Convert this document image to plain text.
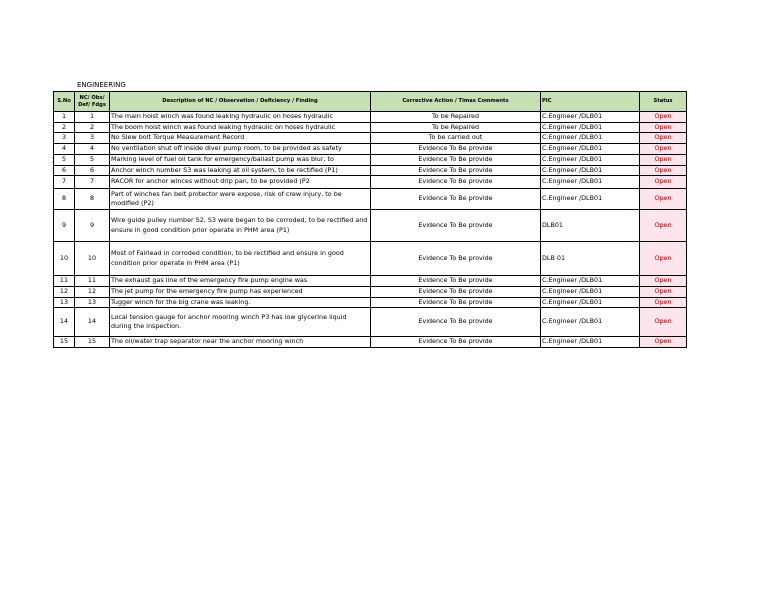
ENGINEERING
S.No	NC/ Obs/ Def/ Fdgs	Description of NC / Observation / Deficiency / Finding	Corrective Action / Timas Comments	PIC	Status
1	1	The main hoist winch was found leaking hydraulic on hoses hydraulic	To be Repaired	C.Engineer /DLB01	Open
2	2	The boom hoist winch was found leaking hydraulic on hoses hydraulic	To be Repaired	C.Engineer /DLB01	Open
3	3	No Slew bolt Torque Measurement Record	To be carried out	C.Engineer /DLB01	Open
4	4	No ventilation shut off inside diver pump room, to be provided as safety	Evidence To Be provide	C.Engineer /DLB01	Open
5	5	Marking level of fuel oil tank for emergency/ballast pump was blur, to	Evidence To Be provide	C.Engineer /DLB01	Open
6	6	Anchor winch number S3 was leaking at oil system, to be rectified (P1)	Evidence To Be provide	C.Engineer /DLB01	Open
7	7	RACOR for anchor winces without drip pan, to be provided (P2	Evidence To Be provide	C.Engineer /DLB01	Open
8	8	Part of winches fan belt protector were expose, risk of crew injury, to be modified (P2)	Evidence To Be provide	C.Engineer /DLB01	Open
9	9	Wire guide pulley number S2, S3 were began to be corroded, to be rectified and ensure in good condition prior operate in PHM area (P1)	Evidence To Be provide	DLB01	Open
10	10	Most of Fairlead in corroded condition, to be rectified and ensure in good condition prior operate in PHM area (P1)	Evidence To Be provide	DLB 01	Open
11	11	The exhaust gas line of the emergency fire pump engine was	Evidence To Be provide	C.Engineer /DLB01	Open
12	12	The jet pump for the emergency fire pump has experienced	Evidence To Be provide	C.Engineer /DLB01	Open
13	13	Tugger winch for the big crane was leaking.	Evidence To Be provide	C.Engineer /DLB01	Open
14	14	Local tension gauge for anchor mooring winch P3 has low glycerine liquid during the inspection.	Evidence To Be provide	C.Engineer /DLB01	Open
15	15	The oil/water trap separator near the anchor mooring winch	Evidence To Be provide	C.Engineer /DLB01	Open
